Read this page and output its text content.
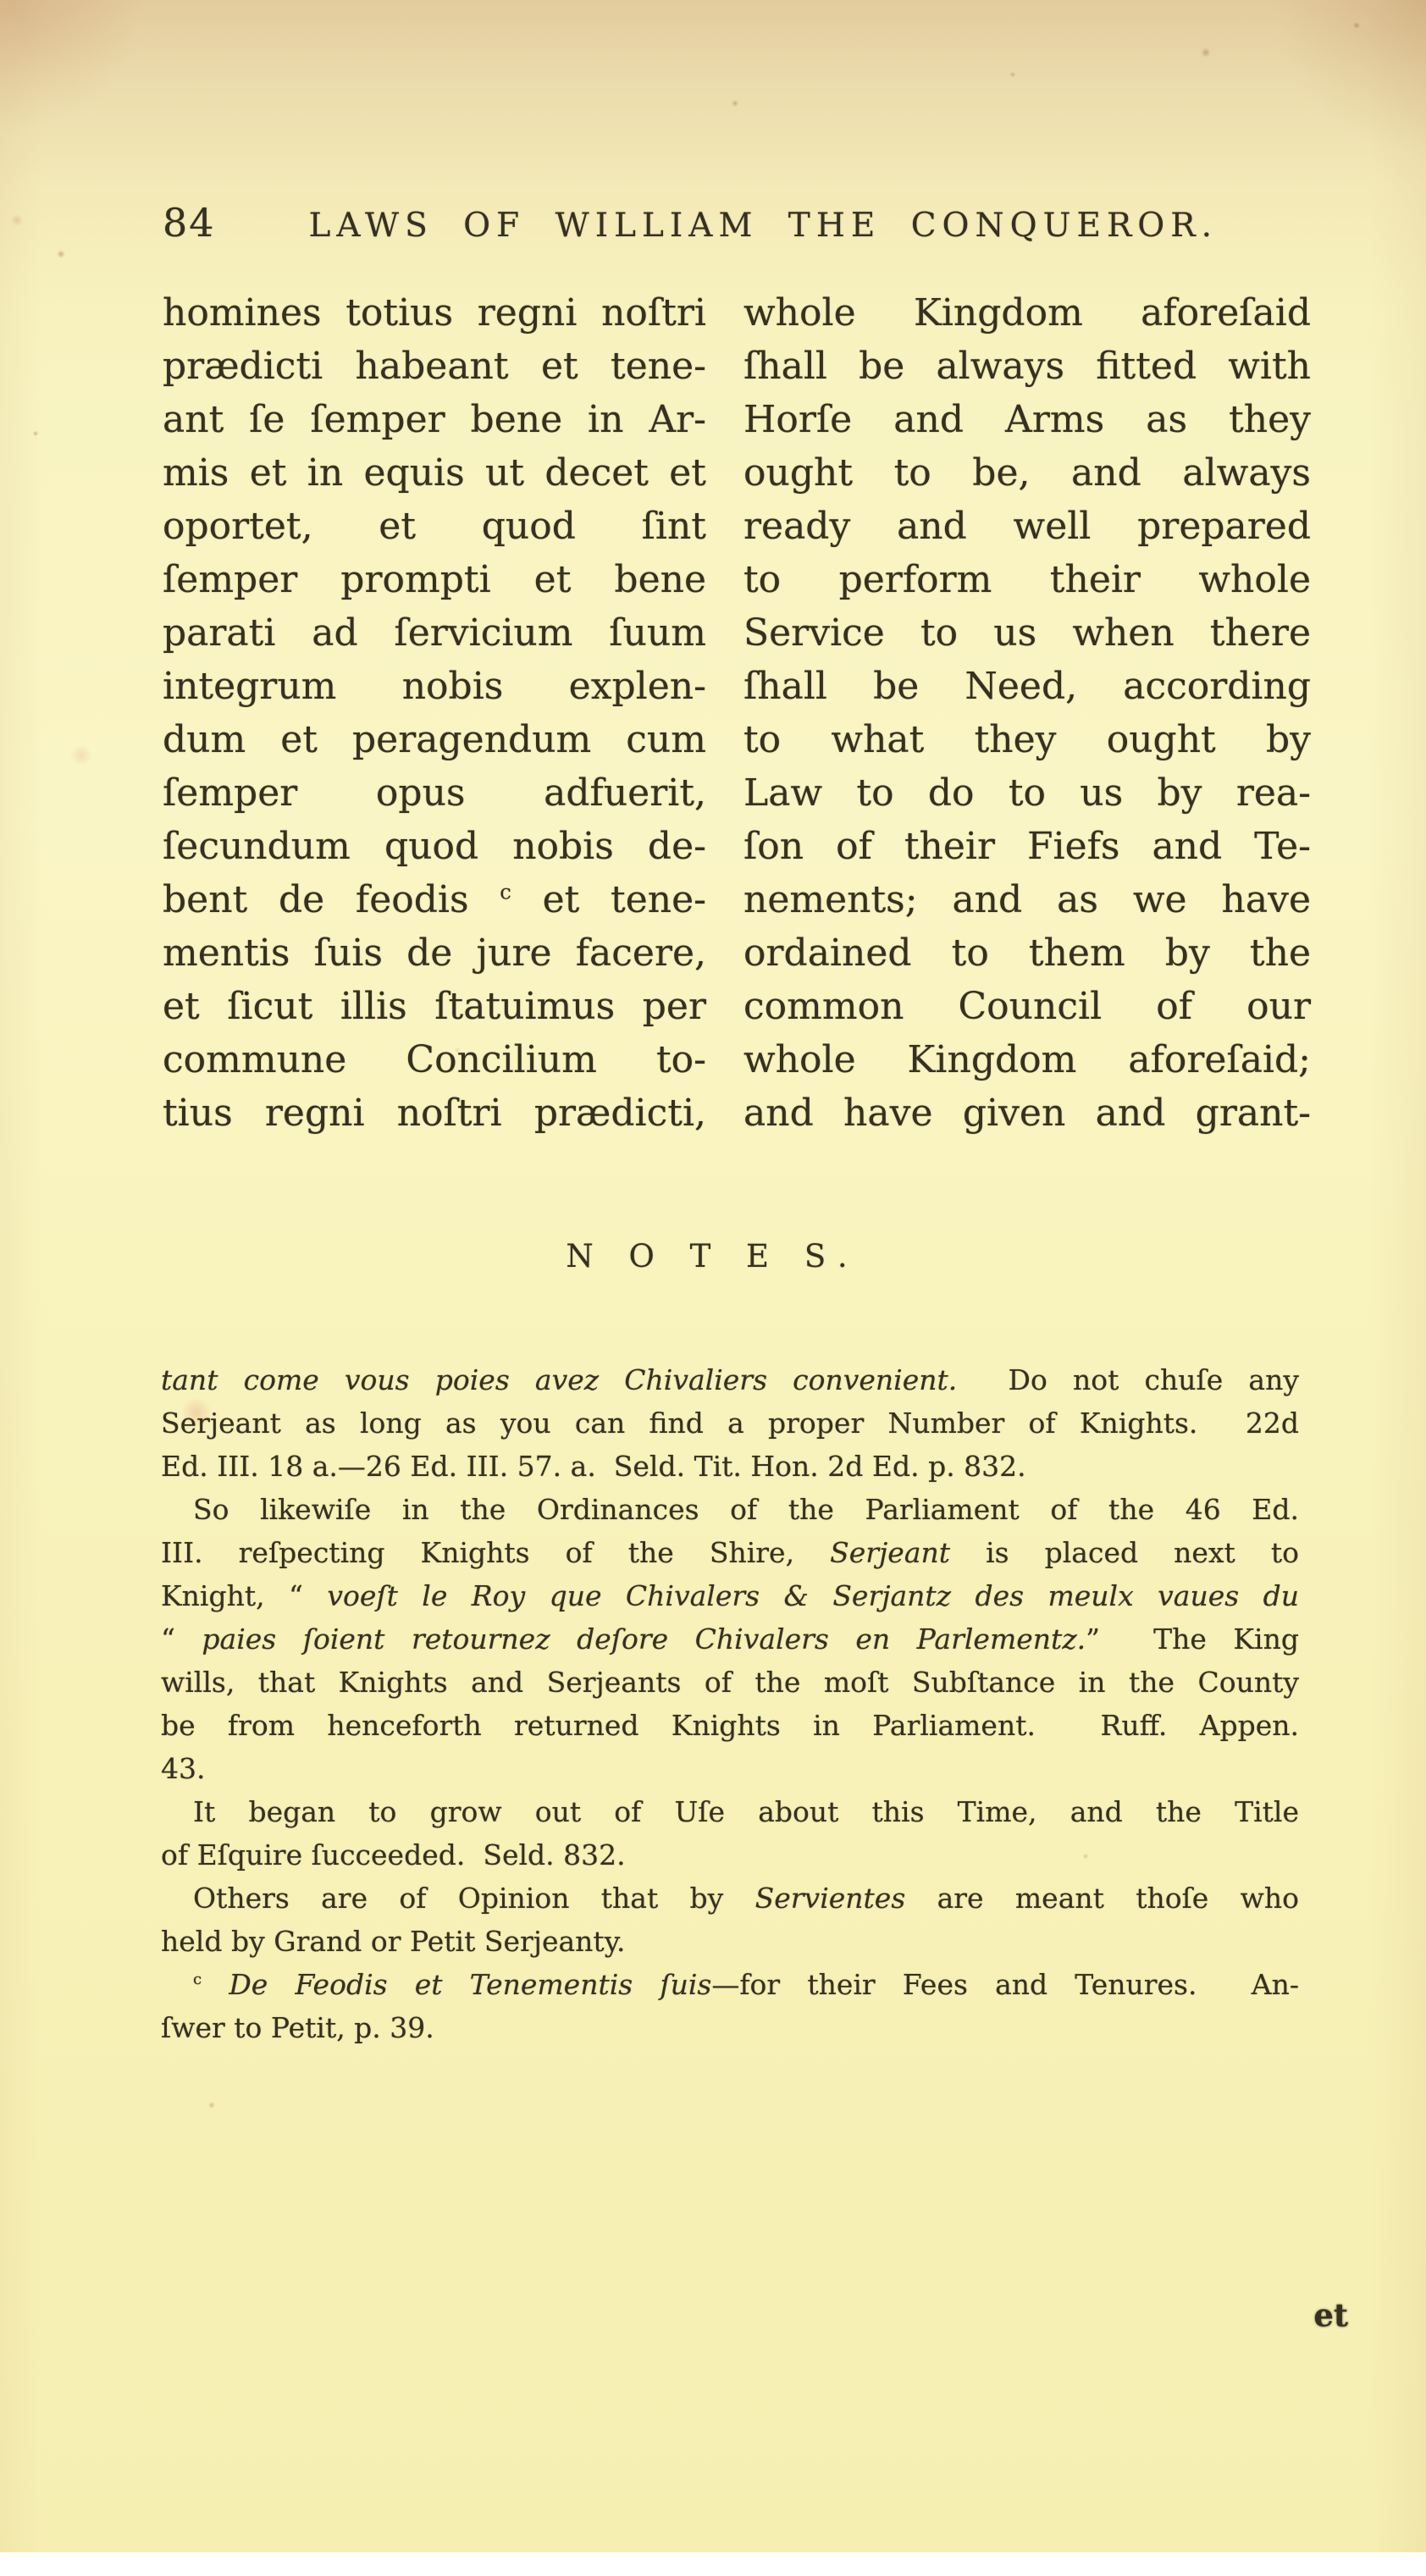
84	LAWS OF WILLIAM THE CONQUEROR.
homines totius regni noſtri
prædicti habeant et tene-
ant ſe ſemper bene in Ar-
mis et in equis ut decet et
oportet, et quod ſint
ſemper prompti et bene
parati ad ſervicium ſuum
integrum nobis explen-
dum et peragendum cum
ſemper opus adfuerit,
ſecundum quod nobis de-
bent de feodis $^c$ et tene-
mentis ſuis de jure facere,
et ſicut illis ſtatuimus per
commune Concilium to-
tius regni noſtri prædicti,
whole Kingdom aforeſaid
ſhall be always fitted with
Horſe and Arms as they
ought to be, and always
ready and well prepared
to perform their whole
Service to us when there
ſhall be Need, according
to what they ought by
Law to do to us by rea-
ſon of their Fiefs and Te-
nements; and as we have
ordained to them by the
common Council of our
whole Kingdom aforeſaid;
and have given and grant-
N O T E S.
tant come vous poies avez Chivaliers convenient.  Do not chuſe any
Serjeant as long as you can find a proper Number of Knights.  22d
Ed. III. 18 a.—26 Ed. III. 57. a.  Seld. Tit. Hon. 2d Ed. p. 832.
So likewiſe in the Ordinances of the Parliament of the 46 Ed.
III. reſpecting Knights of the Shire, Serjeant is placed next to
Knight, “ voeſt le Roy que Chivalers & Serjantz des meulx vaues du
“ paies ſoient retournez deſore Chivalers en Parlementz.”  The King
wills, that Knights and Serjeants of the moſt Subſtance in the County
be from henceforth returned Knights in Parliament.  Ruff. Appen.
43.
It began to grow out of Uſe about this Time, and the Title
of Eſquire ſucceeded.  Seld. 832.
Others are of Opinion that by Servientes are meant thoſe who
held by Grand or Petit Serjeanty.
$^c$ De Feodis et Tenementis ſuis—for their Fees and Tenures.  An-
ſwer to Petit, p. 39.
et
